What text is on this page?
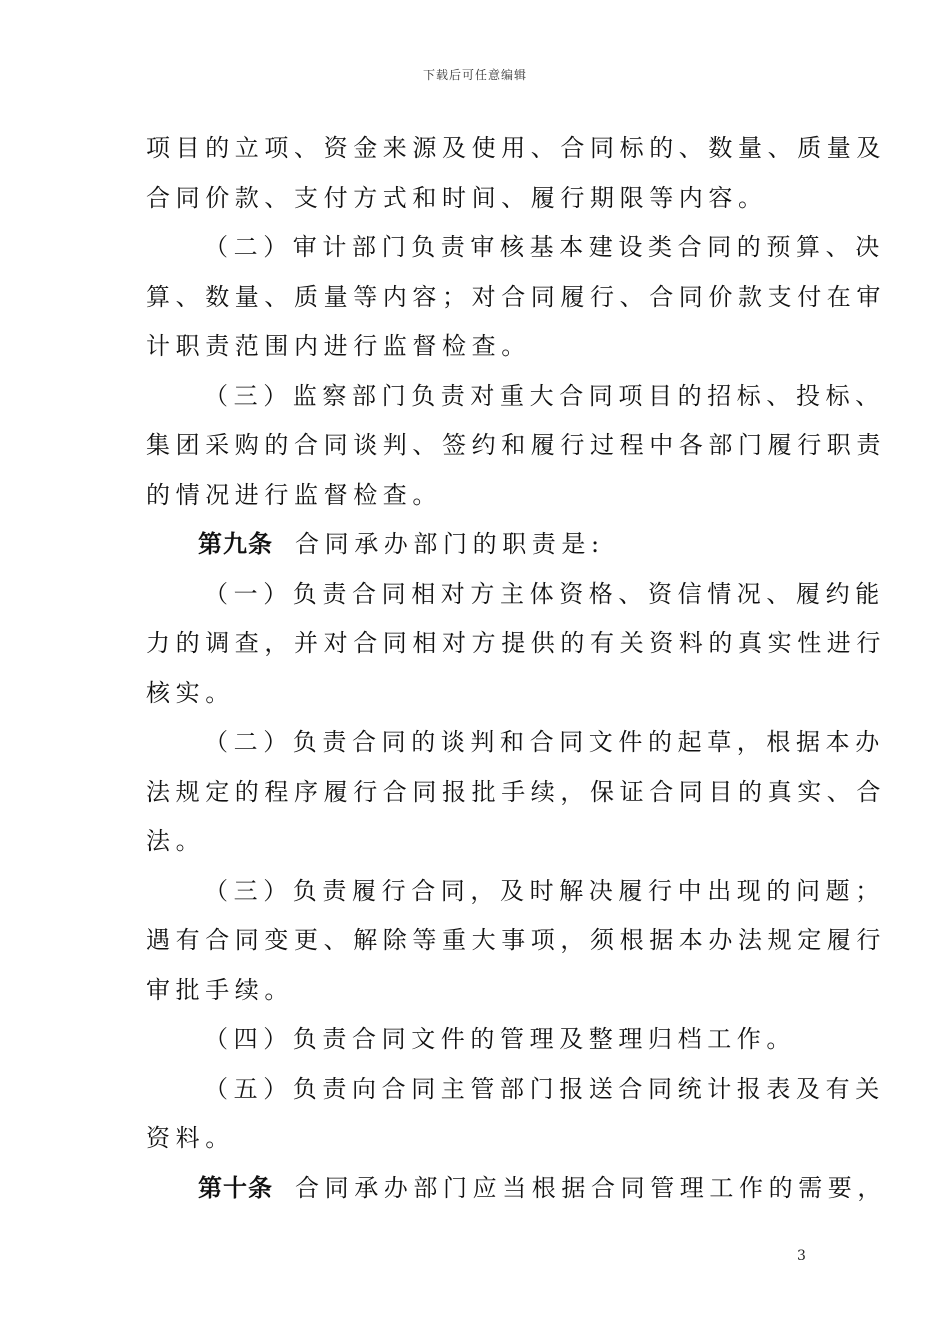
下载后可任意编辑

项目的立项、资金来源及使用、合同标的、数量、质量及
合同价款、支付方式和时间、履行期限等内容。

（二）审计部门负责审核基本建设类合同的预算、决
算、数量、质量等内容；对合同履行、合同价款支付在审
计职责范围内进行监督检查。

（三）监察部门负责对重大合同项目的招标、投标、
集团采购的合同谈判、签约和履行过程中各部门履行职责
的情况进行监督检查。

第九条 合同承办部门的职责是:

（一）负责合同相对方主体资格、资信情况、履约能
力的调查，并对合同相对方提供的有关资料的真实性进行
核实。

（二）负责合同的谈判和合同文件的起草，根据本办
法规定的程序履行合同报批手续，保证合同目的真实、合
法。

（三）负责履行合同，及时解决履行中出现的问题；
遇有合同变更、解除等重大事项，须根据本办法规定履行
审批手续。

（四）负责合同文件的管理及整理归档工作。

（五）负责向合同主管部门报送合同统计报表及有关
资料。

第十条 合同承办部门应当根据合同管理工作的需要，

3
